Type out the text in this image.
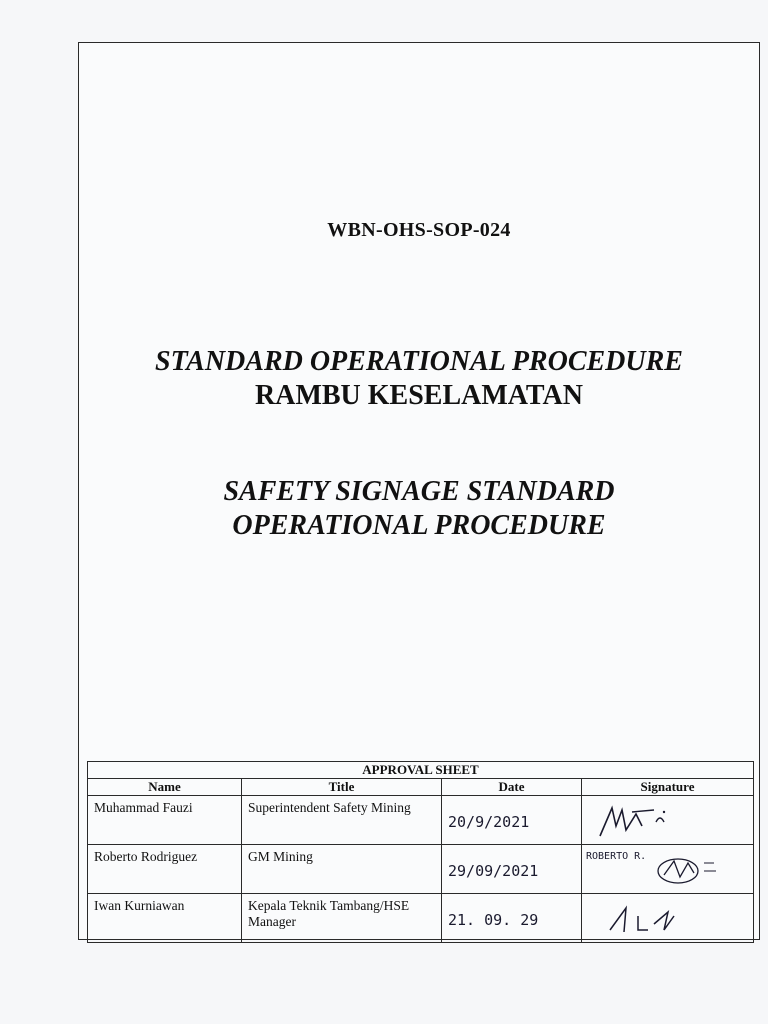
WBN-OHS-SOP-024
STANDARD OPERATIONAL PROCEDURE
RAMBU KESELAMATAN
SAFETY SIGNAGE STANDARD
OPERATIONAL PROCEDURE
APPROVAL SHEET			
Name	Title	Date	Signature
Muhammad Fauzi	Superintendent Safety Mining	20/9/2021	

Roberto Rodriguez	GM Mining	29/09/2021	ROBERTO R.

Iwan Kurniawan	Kepala Teknik Tambang/HSE Manager	21. 09. 29	
